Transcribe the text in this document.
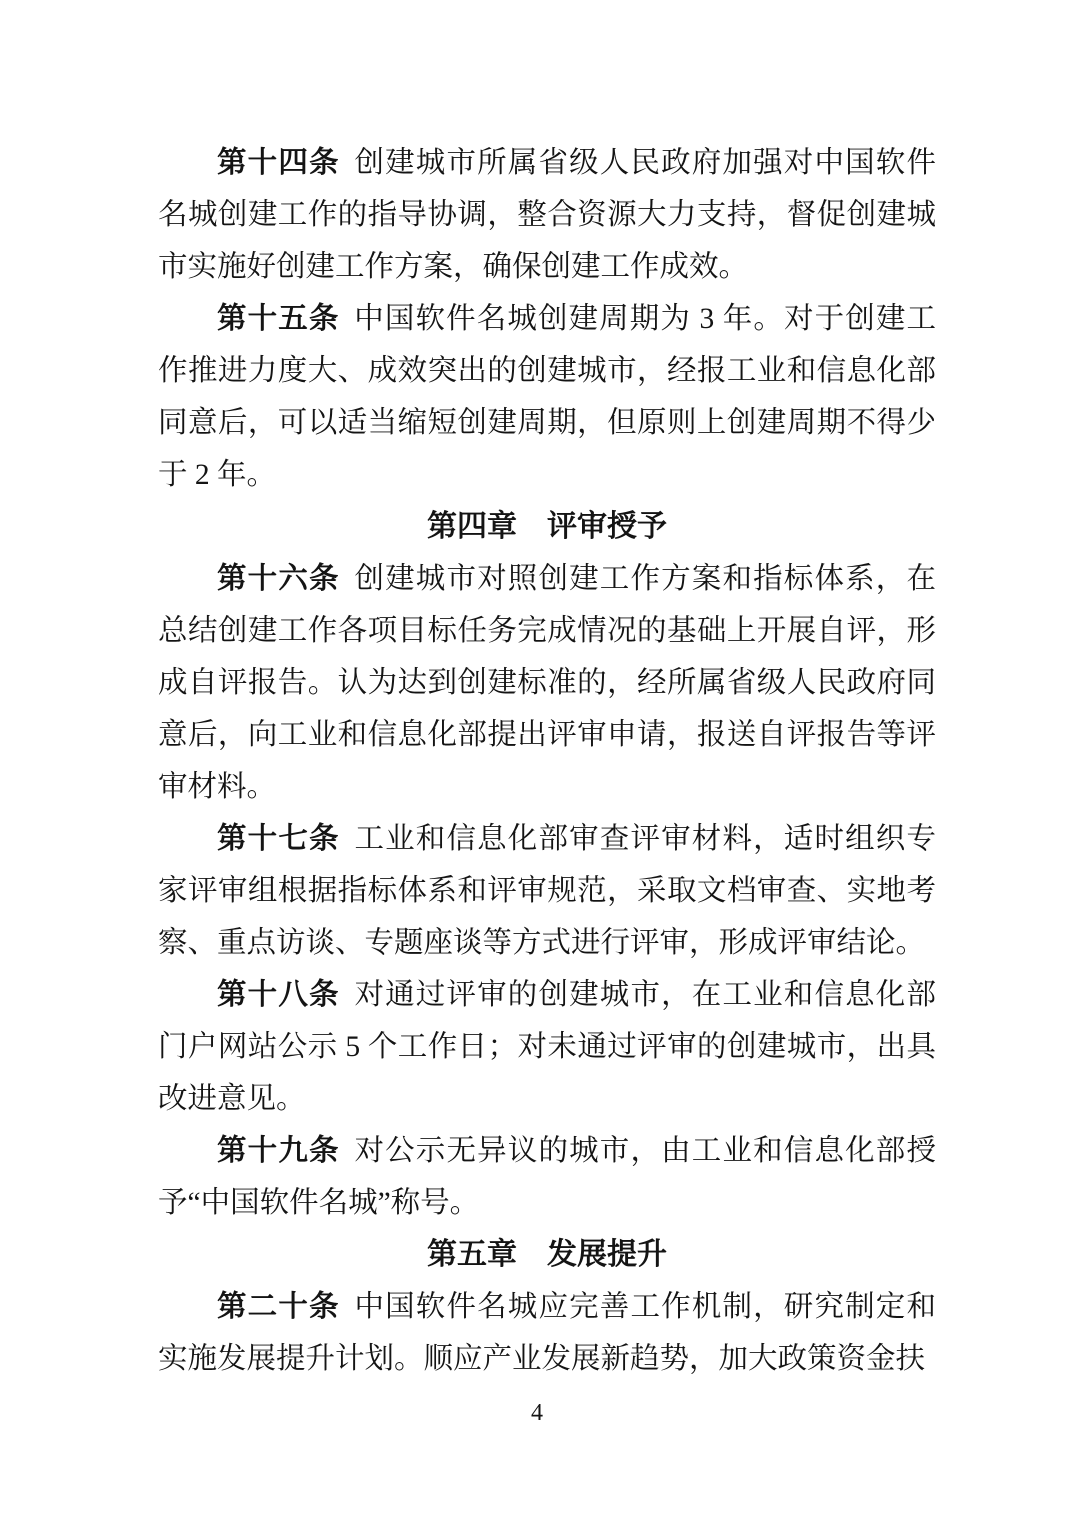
第十四条 创建城市所属省级人民政府加强对中国软件名城创建工作的指导协调，整合资源大力支持，督促创建城市实施好创建工作方案，确保创建工作成效。

第十五条 中国软件名城创建周期为 3 年。对于创建工作推进力度大、成效突出的创建城市，经报工业和信息化部同意后，可以适当缩短创建周期，但原则上创建周期不得少于 2 年。

第四章 评审授予

第十六条 创建城市对照创建工作方案和指标体系，在总结创建工作各项目标任务完成情况的基础上开展自评，形成自评报告。认为达到创建标准的，经所属省级人民政府同意后，向工业和信息化部提出评审申请，报送自评报告等评审材料。

第十七条 工业和信息化部审查评审材料，适时组织专家评审组根据指标体系和评审规范，采取文档审查、实地考察、重点访谈、专题座谈等方式进行评审，形成评审结论。

第十八条 对通过评审的创建城市，在工业和信息化部门户网站公示 5 个工作日；对未通过评审的创建城市，出具改进意见。

第十九条 对公示无异议的城市，由工业和信息化部授予“中国软件名城”称号。

第五章 发展提升

第二十条 中国软件名城应完善工作机制，研究制定和实施发展提升计划。顺应产业发展新趋势，加大政策资金扶

4
